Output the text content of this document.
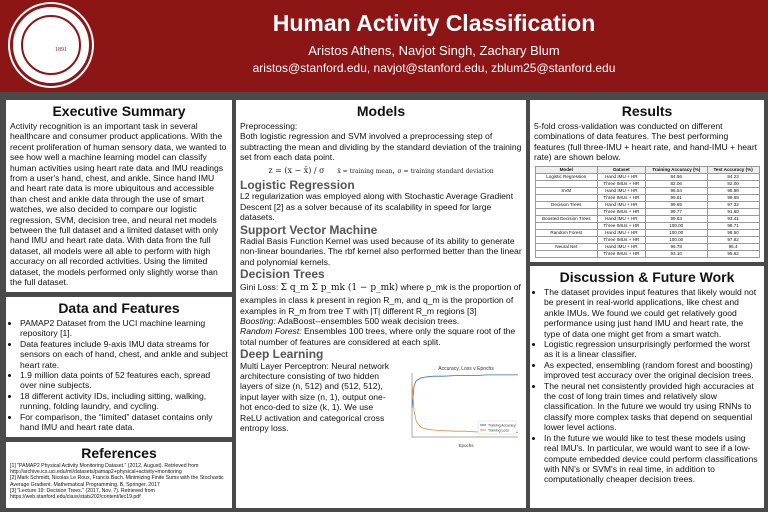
1891
Human Activity Classification
Aristos Athens, Navjot Singh, Zachary Blum
aristos@stanford.edu, navjot@stanford.edu, zblum25@stanford.edu
Executive Summary
Activity recognition is an important task in several healthcare and consumer product applications. With the recent proliferation of human sensory data, we wanted to see how well a machine learning model can classify human activities using heart rate data and IMU readings from a user's hand, chest, and ankle. Since hand IMU and heart rate data is more ubiquitous and accessible than chest and ankle data through the use of smart watches, we also decided to compare our logistic regression, SVM, decision tree, and neural net models between the full dataset and a limited dataset with only hand IMU and heart rate data. With data from the full dataset, all models were all able to perform with high accuracy on all recorded activities. Using the limited dataset, the models performed only slightly worse than the full dataset.
Data and Features
• PAMAP2 Dataset from the UCI machine learning repository [1].
• Data features include 9-axis IMU data streams for sensors on each of hand, chest, and ankle and subject heart rate.
• 1.9 million data points of 52 features each, spread over nine subjects.
• 18 different activity IDs, including sitting, walking, running, folding laundry, and cycling.
• For comparison, the “limited” dataset contains only hand IMU and heart rate data.
References
[1] "PAMAP2 Physical Activity Monitoring Dataset." (2012, August). Retrieved from http://archive.ics.uci.edu/ml/datasets/pamap2+physical+activity+monitoring
[2] Mark Schmidt, Nicolas Le Roux, Francis Bach. Minimizing Finite Sums with the Stochastic Average Gradient. Mathematical Programming, B, Springer, 2017
[3] "Lecture 19: Decision Trees." (2017, Nov. 7). Retrieved from https://web.stanford.edu/class/stats202/content/lec19.pdf
Models
Preprocessing:
Both logistic regression and SVM involved a preprocessing step of subtracting the mean and dividing by the standard deviation of the training set from each data point.
z = (x − x̄) / σ x̄ = training mean, σ = training standard deviation
Logistic Regression
L2 regularization was employed along with Stochastic Average Gradient Descent [2] as a solver because of its scalability in speed for large datasets.
Support Vector Machine
Radial Basis Function Kernel was used because of its ability to generate non-linear boundaries. The rbf kernel also performed better than the linear and polynomial kernels.
Decision Trees
Gini Loss: Σ q_m Σ p_mk (1 − p_mk) where p_mk is the proportion of
examples in class k present in region R_m, and q_m is the proportion of examples in R_m from tree T with |T| different R_m regions [3]
Boosting: AdaBoost--ensembles 500 weak decision trees.
Random Forest: Ensembles 100 trees, where only the square root of the total number of features are considered at each split.
Deep Learning
Accuracy, Loss v Epochs
Epochs
Training Accuracy
Training Loss
Multi Layer Perceptron: Neural network architecture consisting of two hidden layers of size (n, 512) and (512, 512), input layer with size (n, 1), output one-hot enco-ded to size (k, 1). We use ReLU activation and categorical cross entropy loss.
Results
5-fold cross-validation was conducted on different combinations of data features. The best performing features (full three-IMU + heart rate, and hand-IMU + heart rate) are shown below.
Model	Dataset	Training Accuracy (%)	Test Accuracy (%)
Logistic Regression	Hand IMU + HR	84.56	84.23
	Three IMUs + HR	82.06	82.00
SVM	Hand IMU + HR	96.54	95.90
	Three IMUs + HR	99.81	99.69
Decision Trees	Hand IMU + HR	99.65	97.32
	Three IMUs + HR	99.77	91.60
Boosted Decision Trees	Hand IMU + HR	99.63	93.41
	Three IMUs + HR	100.00	98.71
Random Forest	Hand IMU + HR	100.00	98.50
	Three IMUs + HR	100.00	97.82
Neural Net	Hand IMU + HR	96.78	96.4
	Three IMUs + HR	93.10	95.62
Discussion & Future Work
• The dataset provides input features that likely would not be present in real-world applications, like chest and ankle IMUs. We found we could get relatively good performance using just hand IMU and heart rate, the type of data one might get from a smart watch.
• Logistic regression unsurprisingly performed the worst as it is a linear classifier.
• As expected, ensembling (random forest and boosting) improved test accuracy over the original decision trees.
• The neural net consistently provided high accuracies at the cost of long train times and relatively slow classification. In the future we would try using RNNs to classify more complex tasks that depend on sequential lower level actions.
• In the future we would like to test these models using real IMU's. In particular, we would want to see if a low-compute embedded device could perform classifications with NN's or SVM's in real time, in addition to computationally cheaper decision trees.
